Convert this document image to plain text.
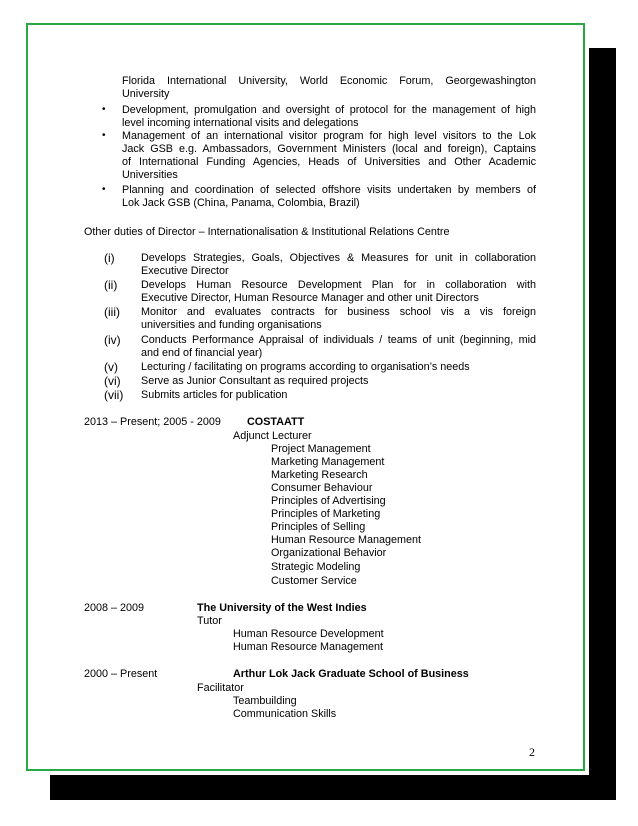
Florida International University, World Economic Forum, Georgewashington
University
• Development, promulgation and oversight of protocol for the management of high
level incoming international visits and delegations
• Management of an international visitor program for high level visitors to the Lok
Jack GSB e.g. Ambassadors, Government Ministers (local and foreign), Captains
of International Funding Agencies, Heads of Universities and Other Academic
Universities
• Planning and coordination of selected offshore visits undertaken by members of
Lok Jack GSB (China, Panama, Colombia, Brazil)
Other duties of Director – Internationalisation & Institutional Relations Centre
(i) Develops Strategies, Goals, Objectives & Measures for unit in collaboration
Executive Director
(ii) Develops Human Resource Development Plan for in collaboration with
Executive Director, Human Resource Manager and other unit Directors
(iii) Monitor and evaluates contracts for business school vis a vis foreign
universities and funding organisations
(iv) Conducts Performance Appraisal of individuals / teams of unit (beginning, mid
and end of financial year)
(v) Lecturing / facilitating on programs according to organisation’s needs
(vi) Serve as Junior Consultant as required projects
(vii) Submits articles for publication
2013 – Present; 2005 - 2009 COSTAATT
Adjunct Lecturer
Project Management
Marketing Management
Marketing Research
Consumer Behaviour
Principles of Advertising
Principles of Marketing
Principles of Selling
Human Resource Management
Organizational Behavior
Strategic Modeling
Customer Service
2008 – 2009	The University of the West Indies
Tutor
Human Resource Development
Human Resource Management
2000 – Present	Arthur Lok Jack Graduate School of Business
Facilitator
Teambuilding
Communication Skills
2
